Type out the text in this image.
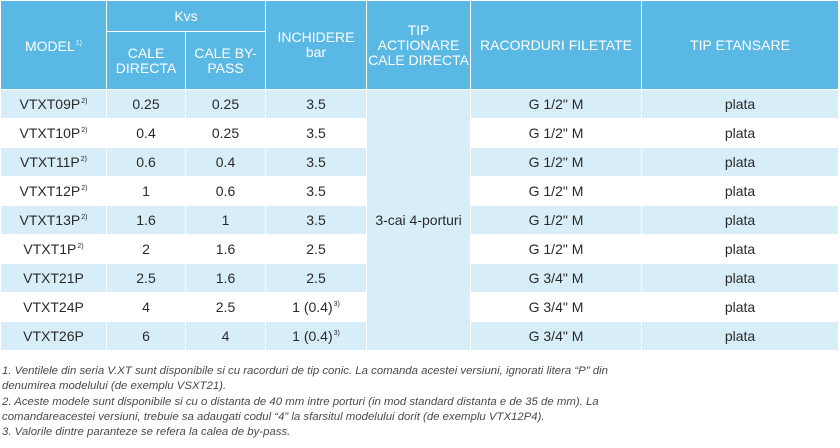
MODEL$^{1)}$	Kvs		INCHIDERE bar	TIP ACTIONARE CALE DIRECTA	RACORDURI FILETATE	TIP ETANSARE
	CALE DIRECTA	CALE BY-PASS				
$VTXT09P^{2)}$	0.25	0.25	3.5	3-cai 4-porturi	G 1/2" M	plata
$VTXT10P^{2)}$	0.4	0.25	3.5		G 1/2" M	plata
$VTXT11P^{2)}$	0.6	0.4	3.5		G 1/2" M	plata
$VTXT12P^{2)}$	1	0.6	3.5		G 1/2" M	plata
$VTXT13P^{2)}$	1.6	1	3.5		G 1/2" M	plata
$VTXT1P^{2)}$	2	1.6	2.5		G 1/2" M	plata
VTXT21P	2.5	1.6	2.5		G 3/4" M	plata
VTXT24P	4	2.5	1 $(0.4)^{3)}$		G 3/4" M	plata
VTXT26P	6	4	1 $(0.4)^{3)}$		G 3/4" M	plata
1. Ventilele din seria V.XT sunt disponibile si cu racorduri de tip conic. La comanda acestei versiuni, ignorati litera “P” din
denumirea modelului (de exemplu VSXT21).
2. Aceste modele sunt disponibile si cu o distanta de 40 mm intre porturi (in mod standard distanta e de 35 de mm). La
comandareacestei versiuni, trebuie sa adaugati codul “4” la sfarsitul modelului dorit (de exemplu VTX12P4).
3. Valorile dintre paranteze se refera la calea de by-pass.
